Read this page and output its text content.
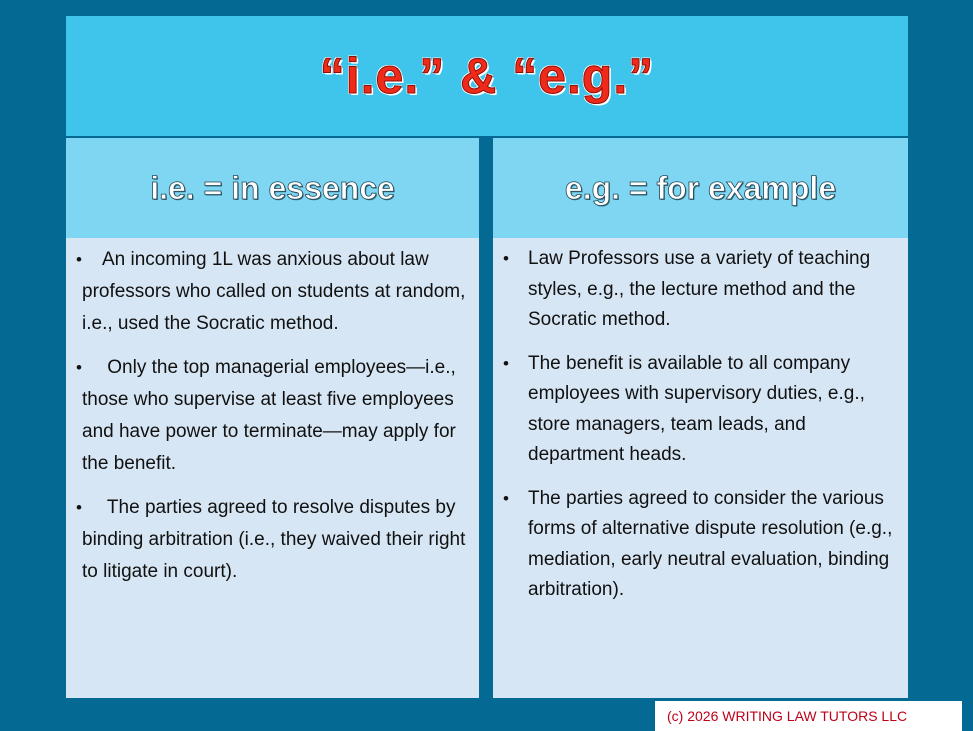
“i.e.” & “e.g.”
i.e. = in essence	e.g. = for example
• An incoming 1L was anxious about law professors who called on students at random, i.e., used the Socratic method.
• Only the top managerial employees—i.e., those who supervise at least five employees and have power to terminate—may apply for the benefit.
• The parties agreed to resolve disputes by binding arbitration (i.e., they waived their right to litigate in court).
• Law Professors use a variety of teaching styles, e.g., the lecture method and the Socratic method.
• The benefit is available to all company employees with supervisory duties, e.g., store managers, team leads, and department heads.
• The parties agreed to consider the various forms of alternative dispute resolution (e.g., mediation, early neutral evaluation, binding arbitration).
(c) 2026 WRITING LAW TUTORS LLC
